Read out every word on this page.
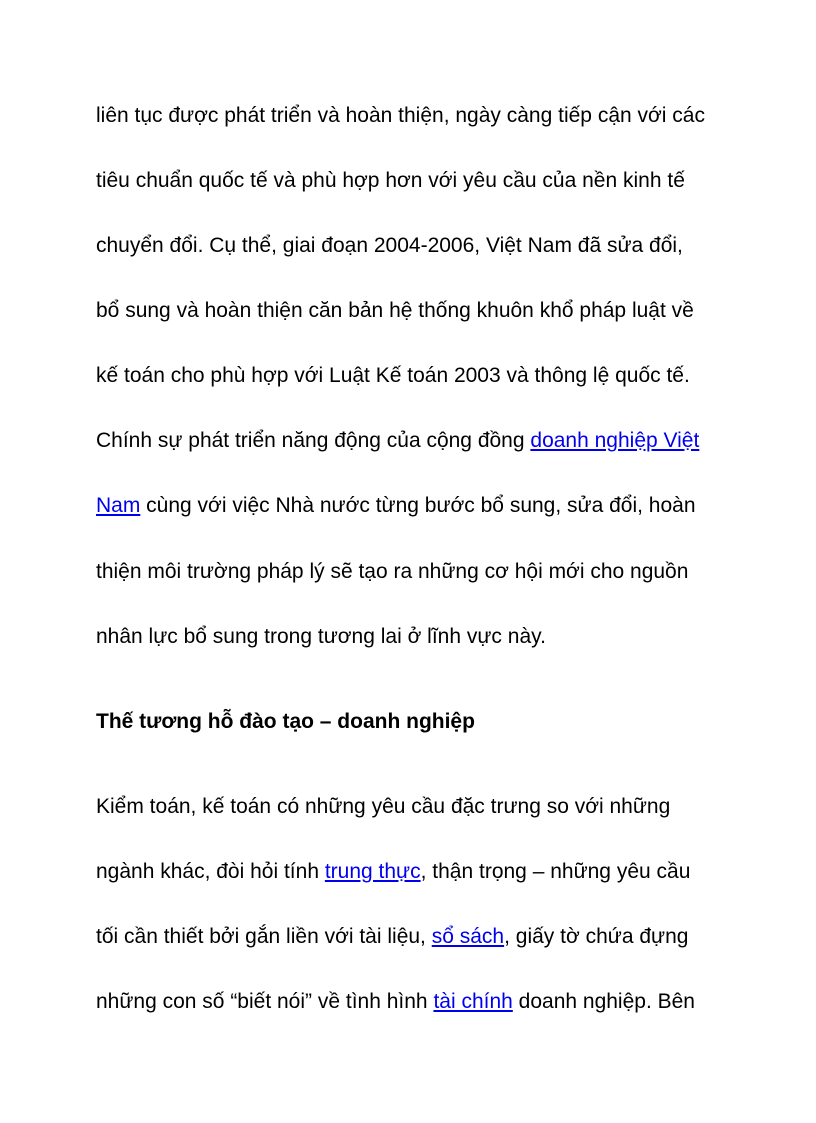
liên tục được phát triển và hoàn thiện, ngày càng tiếp cận với các

tiêu chuẩn quốc tế và phù hợp hơn với yêu cầu của nền kinh tế

chuyển đổi. Cụ thể, giai đoạn 2004-2006, Việt Nam đã sửa đổi,

bổ sung và hoàn thiện căn bản hệ thống khuôn khổ pháp luật về

kế toán cho phù hợp với Luật Kế toán 2003 và thông lệ quốc tế.

Chính sự phát triển năng động của cộng đồng doanh nghiệp Việt

Nam cùng với việc Nhà nước từng bước bổ sung, sửa đổi, hoàn

thiện môi trường pháp lý sẽ tạo ra những cơ hội mới cho nguồn

nhân lực bổ sung trong tương lai ở lĩnh vực này.

Thế tương hỗ đào tạo – doanh nghiệp

Kiểm toán, kế toán có những yêu cầu đặc trưng so với những

ngành khác, đòi hỏi tính trung thực, thận trọng – những yêu cầu

tối cần thiết bởi gắn liền với tài liệu, sổ sách, giấy tờ chứa đựng

những con số “biết nói” về tình hình tài chính doanh nghiệp. Bên
